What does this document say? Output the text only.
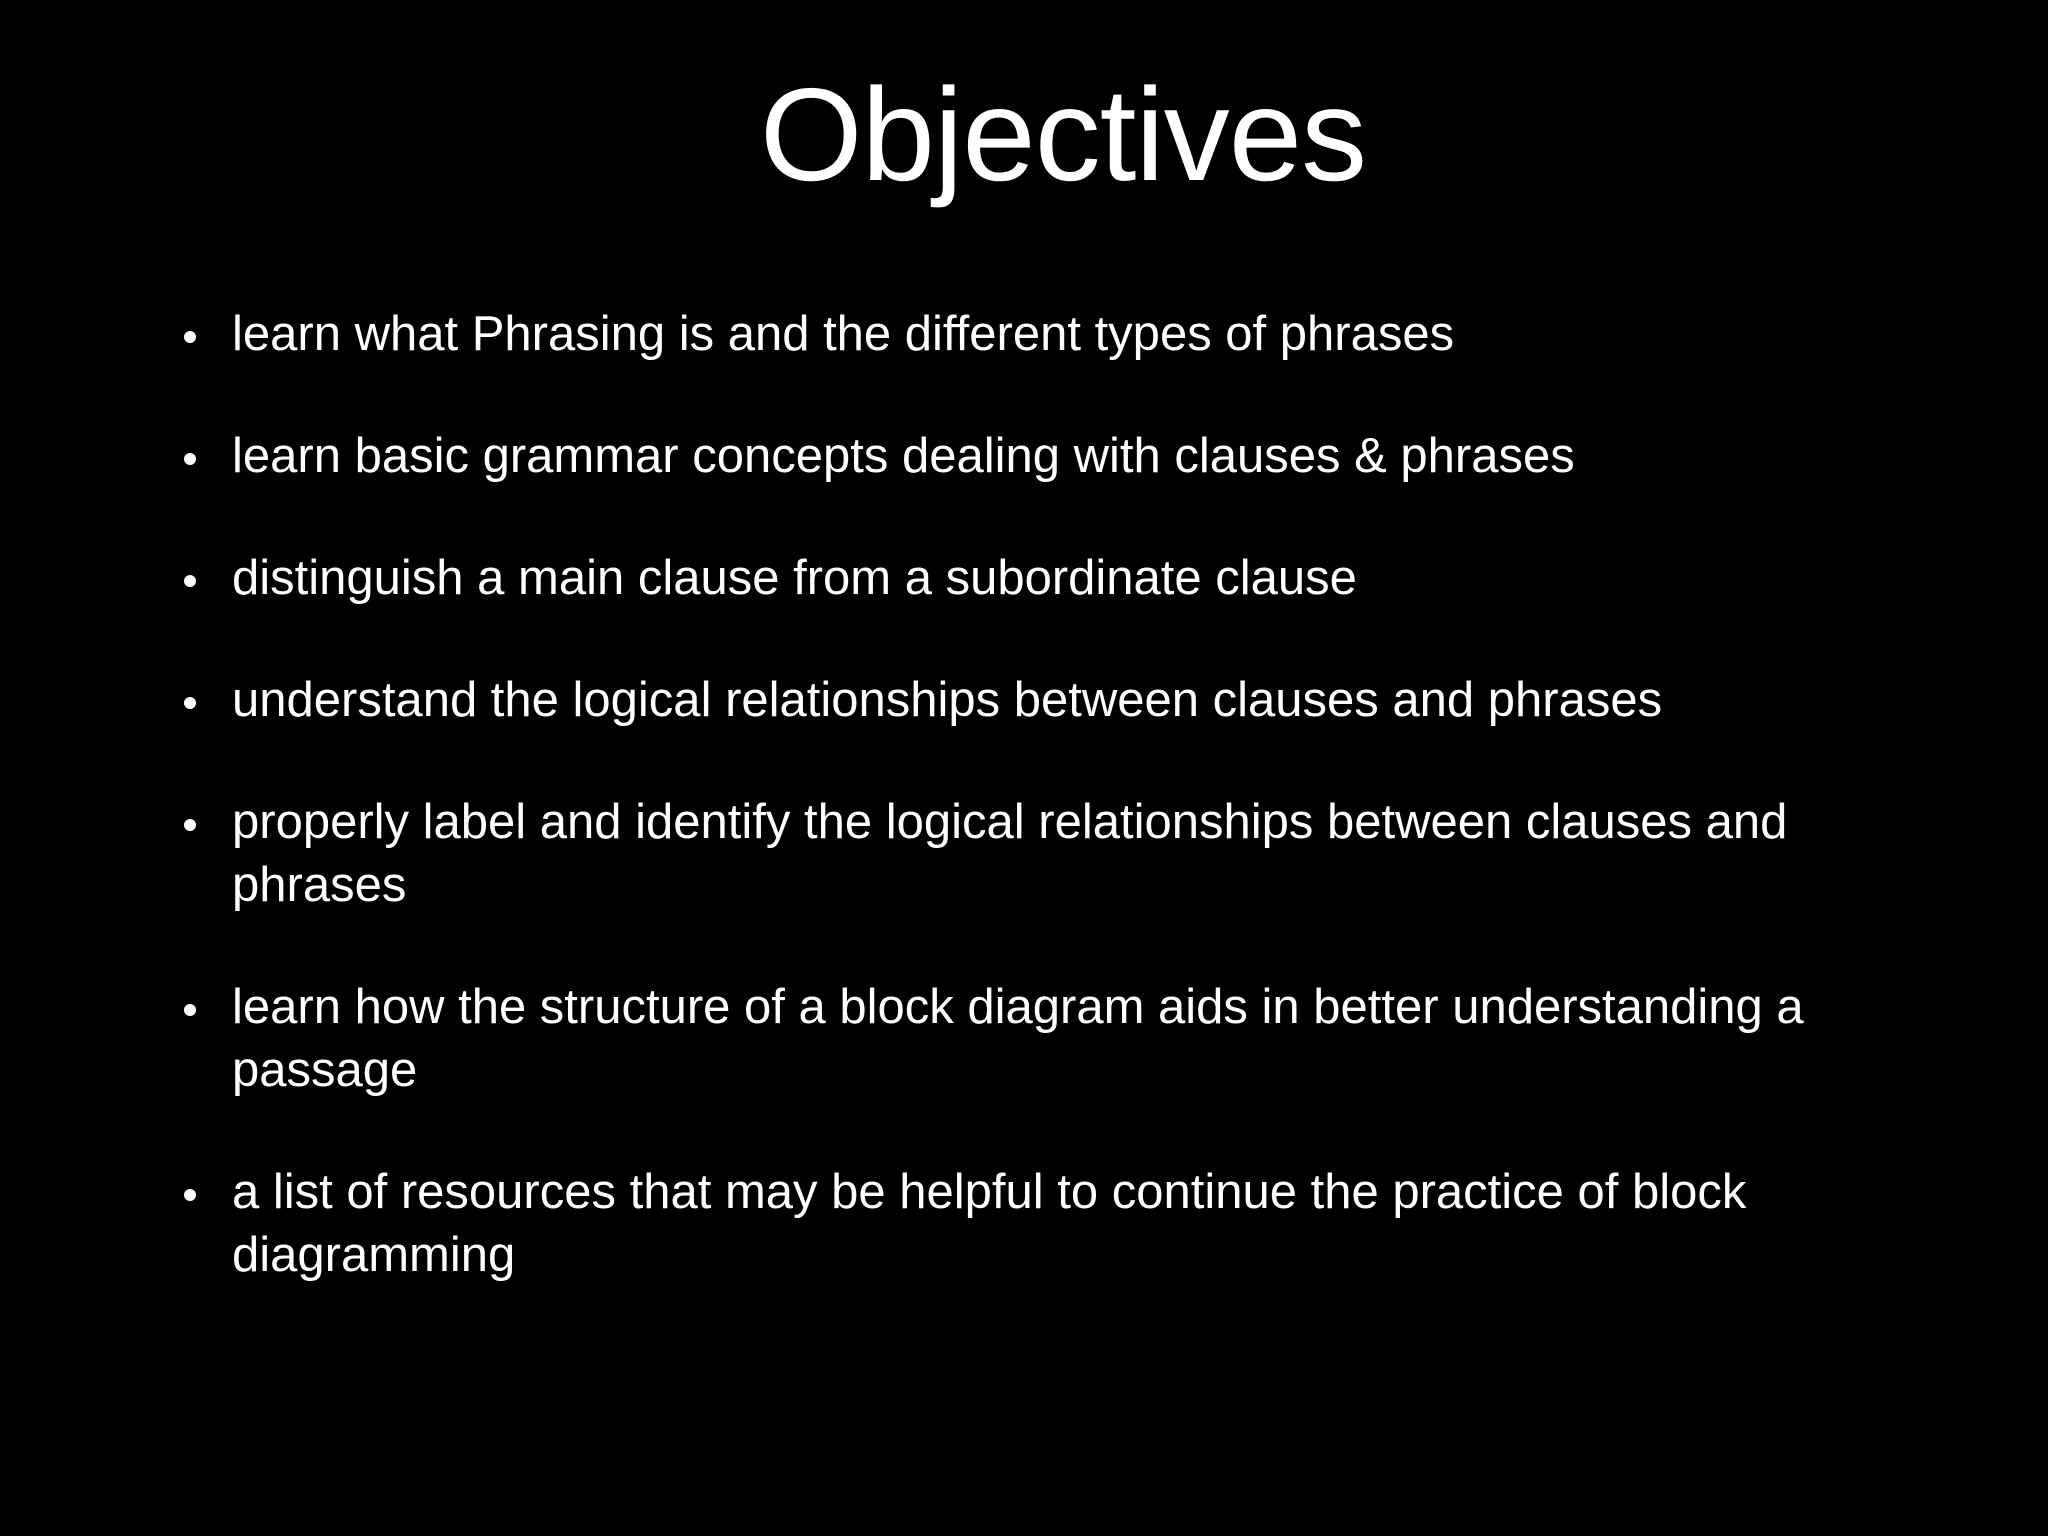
Objectives
learn what Phrasing is and the different types of phrases
learn basic grammar concepts dealing with clauses & phrases
distinguish a main clause from a subordinate clause
understand the logical relationships between clauses and phrases
properly label and identify the logical relationships between clauses and phrases
learn how the structure of a block diagram aids in better understanding a passage
a list of resources that may be helpful to continue the practice of block diagramming
